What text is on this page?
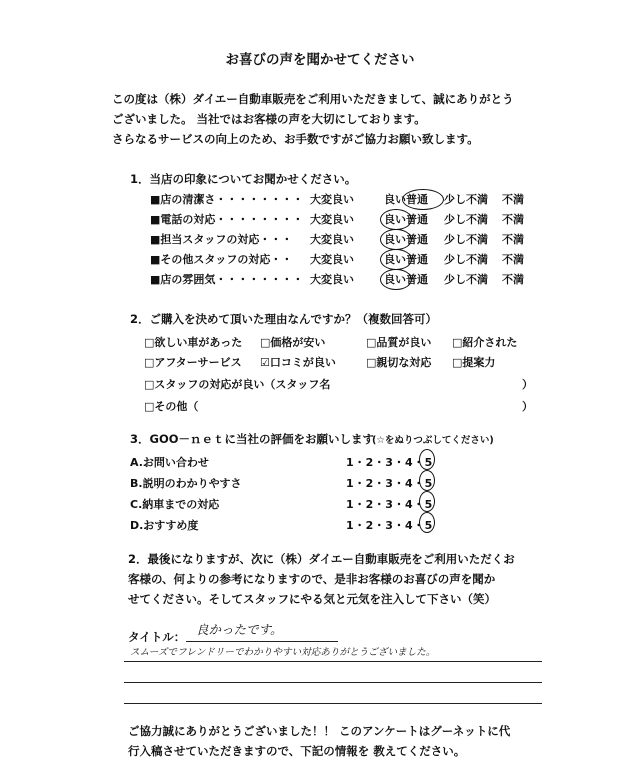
お喜びの声を聞かせてください
この度は（株）ダイエー自動車販売をご利用いただきまして、誠にありがとう
ございました。 当社ではお客様の声を大切にしております。
さらなるサービスの向上のため、お手数ですがご協力お願い致します。
1．当店の印象についてお聞かせください。
■店の清潔さ・・・・・・・・ 大変良い	良い 普通 少し不満 不満
■電話の対応・・・・・・・・ 大変良い	良い 普通 少し不満 不満
■担当スタッフの対応・・・ 大変良い	良い 普通 少し不満 不満
■その他スタッフの対応・・ 大変良い	良い 普通 少し不満 不満
■店の雰囲気・・・・・・・・ 大変良い	良い 普通 少し不満 不満
2．ご購入を決めて頂いた理由なんですか？（複数回答可）
□欲しい車があった □価格が安い	□品質が良い □紹介された
□アフターサービス ☑口コミが良い	□親切な対応 □提案力
□スタッフの対応が良い（スタッフ名	）
□その他（	）
3．GOO－ｎｅｔに当社の評価をお願いします
(☆をぬりつぶしてください)
A.お問い合わせ	1・2・3・4・5
B.説明のわかりやすさ	1・2・3・4・5
C.納車までの対応	1・2・3・4・5
D.おすすめ度	1・2・3・4・5
2．最後になりますが、次に（株）ダイエー自動車販売をご利用いただくお
客様の、何よりの参考になりますので、是非お客様のお喜びの声を聞か
せてください。そしてスタッフにやる気と元気を注入して下さい（笑）
タイトル： 良かったです。
スムーズでフレンドリーでわかりやすい対応ありがとうございました。
ご協力誠にありがとうございました！！ このアンケートはグーネットに代
行入稿させていただきますので、下記の情報を 教えてください。
